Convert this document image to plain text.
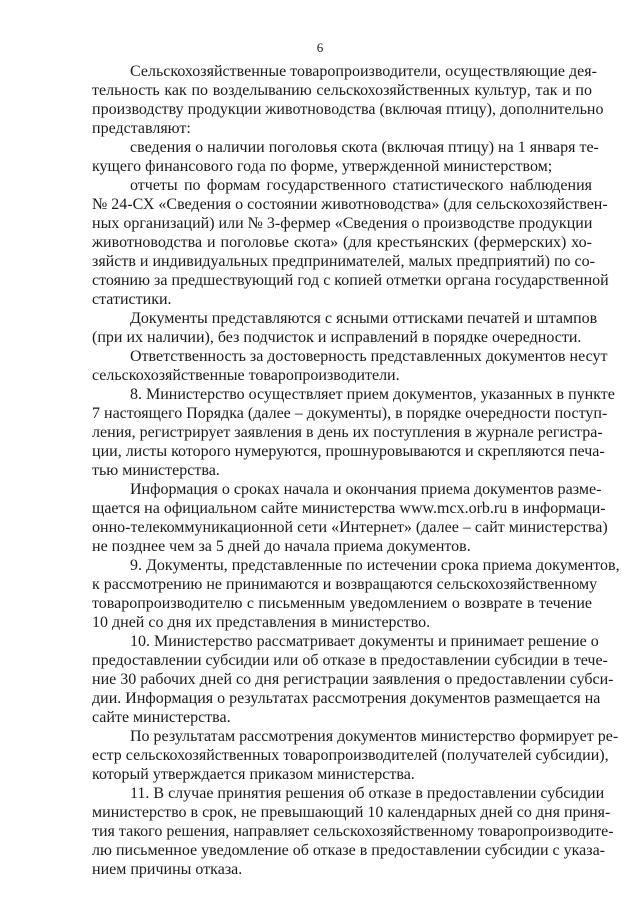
6
Сельскохозяйственные товаропроизводители, осуществляющие дея-
тельность как по возделыванию сельскохозяйственных культур, так и по
производству продукции животноводства (включая птицу), дополнительно
представляют:
сведения о наличии поголовья скота (включая птицу) на 1 января те-
кущего финансового года по форме, утвержденной министерством;
отчеты по формам государственного статистического наблюдения
№ 24-СХ «Сведения о состоянии животноводства» (для сельскохозяйствен-
ных организаций) или № 3-фермер «Сведения о производстве продукции
животноводства и поголовье скота» (для крестьянских (фермерских) хо-
зяйств и индивидуальных предпринимателей, малых предприятий) по со-
стоянию за предшествующий год с копией отметки органа государственной
статистики.
Документы представляются с ясными оттисками печатей и штампов
(при их наличии), без подчисток и исправлений в порядке очередности.
Ответственность за достоверность представленных документов несут
сельскохозяйственные товаропроизводители.
8. Министерство осуществляет прием документов, указанных в пункте
7 настоящего Порядка (далее – документы), в порядке очередности поступ-
ления, регистрирует заявления в день их поступления в журнале регистра-
ции, листы которого нумеруются, прошнуровываются и скрепляются печа-
тью министерства.
Информация о сроках начала и окончания приема документов разме-
щается на официальном сайте министерства www.mcx.orb.ru в информаци-
онно-телекоммуникационной сети «Интернет» (далее – сайт министерства)
не позднее чем за 5 дней до начала приема документов.
9. Документы, представленные по истечении срока приема документов,
к рассмотрению не принимаются и возвращаются сельскохозяйственному
товаропроизводителю с письменным уведомлением о возврате в течение
10 дней со дня их представления в министерство.
10. Министерство рассматривает документы и принимает решение о
предоставлении субсидии или об отказе в предоставлении субсидии в тече-
ние 30 рабочих дней со дня регистрации заявления о предоставлении субси-
дии. Информация о результатах рассмотрения документов размещается на
сайте министерства.
По результатам рассмотрения документов министерство формирует ре-
естр сельскохозяйственных товаропроизводителей (получателей субсидии),
который утверждается приказом министерства.
11. В случае принятия решения об отказе в предоставлении субсидии
министерство в срок, не превышающий 10 календарных дней со дня приня-
тия такого решения, направляет сельскохозяйственному товаропроизводите-
лю письменное уведомление об отказе в предоставлении субсидии с указа-
нием причины отказа.
